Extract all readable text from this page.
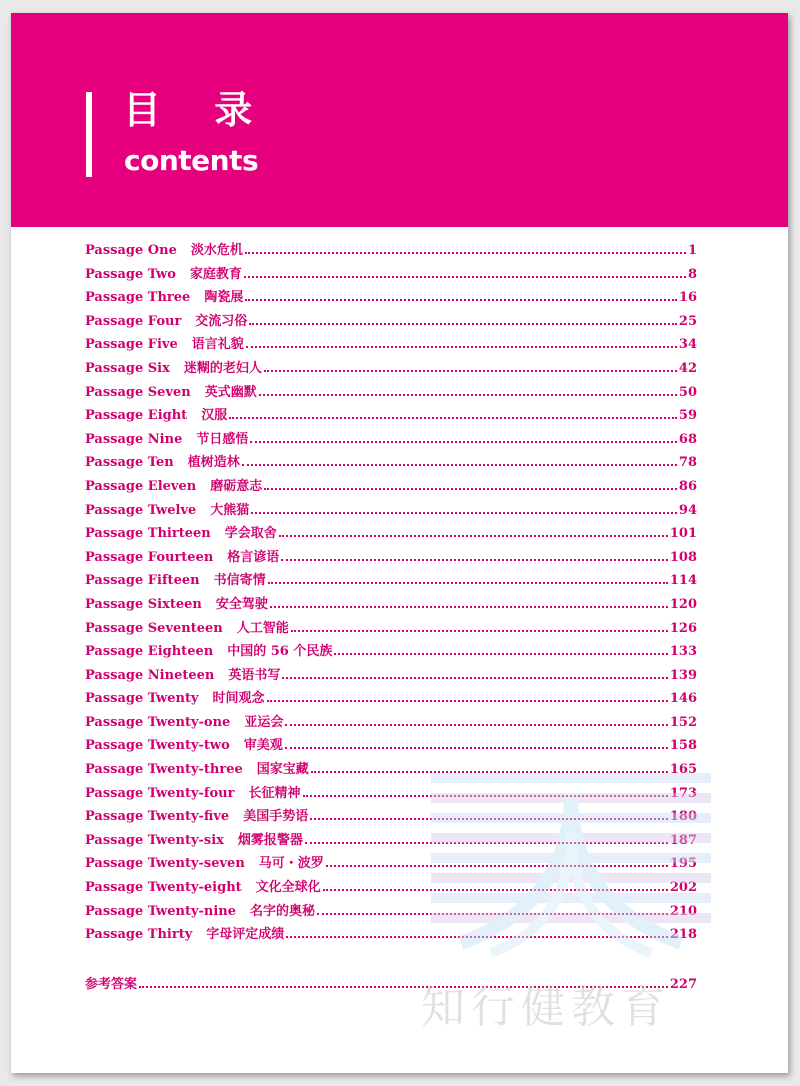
目 录
contents
Passage One 淡水危机	1
Passage Two 家庭教育	8
Passage Three 陶瓷展	16
Passage Four 交流习俗	25
Passage Five 语言礼貌	34
Passage Six 迷糊的老妇人	42
Passage Seven 英式幽默	50
Passage Eight 汉服	59
Passage Nine 节日感悟	68
Passage Ten 植树造林	78
Passage Eleven 磨砺意志	86
Passage Twelve 大熊猫	94
Passage Thirteen 学会取舍	101
Passage Fourteen 格言谚语	108
Passage Fifteen 书信寄情	114
Passage Sixteen 安全驾驶	120
Passage Seventeen 人工智能	126
Passage Eighteen 中国的 56 个民族	133
Passage Nineteen 英语书写	139
Passage Twenty 时间观念	146
Passage Twenty-one 亚运会	152
Passage Twenty-two 审美观	158
Passage Twenty-three 国家宝藏	165
Passage Twenty-four 长征精神	173
Passage Twenty-five 美国手势语	180
Passage Twenty-six 烟雾报警器	187
Passage Twenty-seven 马可・波罗	195
Passage Twenty-eight 文化全球化	202
Passage Twenty-nine 名字的奥秘	210
Passage Thirty 字母评定成绩	218
参考答案	227
知行健教育
